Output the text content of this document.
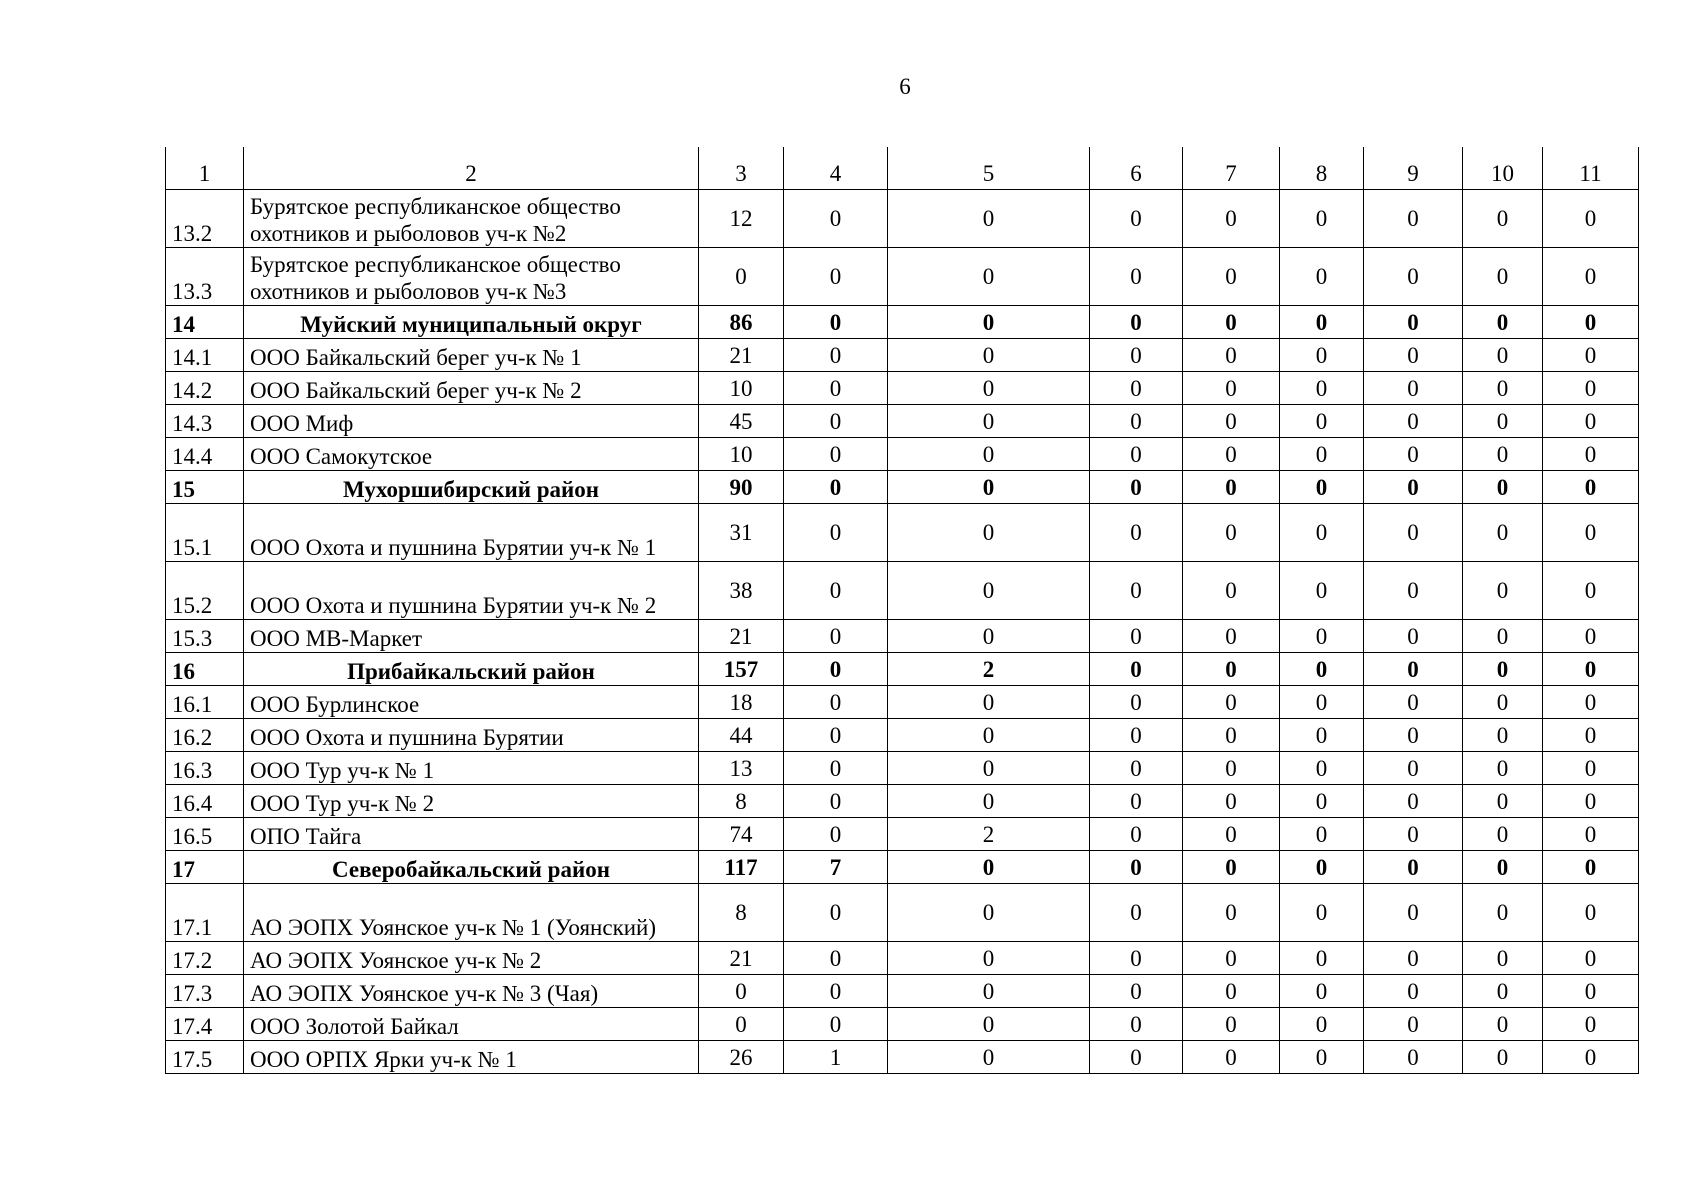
6
1	2	3	4	5	6	7	8	9	10	11
13.2	Бурятское республиканское общество охотников и рыболовов уч-к №2	12	0	0	0	0	0	0	0	0
13.3	Бурятское республиканское общество охотников и рыболовов уч-к №3	0	0	0	0	0	0	0	0	0
14	Муйский муниципальный округ	86	0	0	0	0	0	0	0	0
14.1	ООО Байкальский берег уч-к № 1	21	0	0	0	0	0	0	0	0
14.2	ООО Байкальский берег уч-к № 2	10	0	0	0	0	0	0	0	0
14.3	ООО Миф	45	0	0	0	0	0	0	0	0
14.4	ООО Самокутское	10	0	0	0	0	0	0	0	0
15	Мухоршибирский район	90	0	0	0	0	0	0	0	0
15.1	ООО Охота и пушнина Бурятии уч-к № 1	31	0	0	0	0	0	0	0	0
15.2	ООО Охота и пушнина Бурятии уч-к № 2	38	0	0	0	0	0	0	0	0
15.3	ООО МВ-Маркет	21	0	0	0	0	0	0	0	0
16	Прибайкальский район	157	0	2	0	0	0	0	0	0
16.1	ООО Бурлинское	18	0	0	0	0	0	0	0	0
16.2	ООО Охота и пушнина Бурятии	44	0	0	0	0	0	0	0	0
16.3	ООО Тур уч-к № 1	13	0	0	0	0	0	0	0	0
16.4	ООО Тур уч-к № 2	8	0	0	0	0	0	0	0	0
16.5	ОПО Тайга	74	0	2	0	0	0	0	0	0
17	Северобайкальский район	117	7	0	0	0	0	0	0	0
17.1	АО ЭОПХ Уоянское уч-к № 1 (Уоянский)	8	0	0	0	0	0	0	0	0
17.2	АО ЭОПХ Уоянское уч-к № 2	21	0	0	0	0	0	0	0	0
17.3	АО ЭОПХ Уоянское уч-к № 3 (Чая)	0	0	0	0	0	0	0	0	0
17.4	ООО Золотой Байкал	0	0	0	0	0	0	0	0	0
17.5	ООО ОРПХ Ярки уч-к № 1	26	1	0	0	0	0	0	0	0
